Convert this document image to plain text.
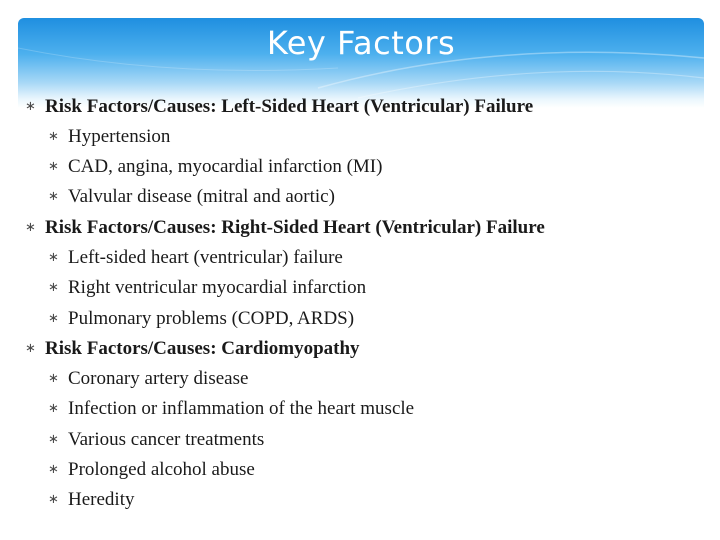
Key Factors
∗ Risk Factors/Causes: Left-Sided Heart (Ventricular) Failure
∗ Hypertension
∗ CAD, angina, myocardial infarction (MI)
∗ Valvular disease (mitral and aortic)
∗ Risk Factors/Causes: Right-Sided Heart (Ventricular) Failure
∗ Left-sided heart (ventricular) failure
∗ Right ventricular myocardial infarction
∗ Pulmonary problems (COPD, ARDS)
∗ Risk Factors/Causes: Cardiomyopathy
∗ Coronary artery disease
∗ Infection or inflammation of the heart muscle
∗ Various cancer treatments
∗ Prolonged alcohol abuse
∗ Heredity
